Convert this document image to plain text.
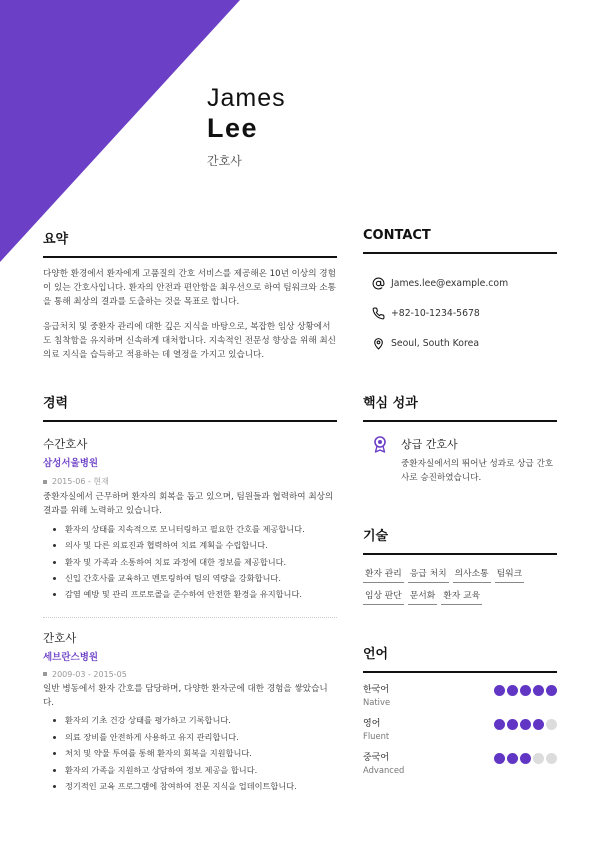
James
Lee
간호사
요약

다양한 환경에서 환자에게 고품질의 간호 서비스를 제공해온 10년 이상의 경험이 있는 간호사입니다. 환자의 안전과 편안함을 최우선으로 하여 팀워크와 소통을 통해 최상의 결과를 도출하는 것을 목표로 합니다.

응급처치 및 중환자 관리에 대한 깊은 지식을 바탕으로, 복잡한 임상 상황에서도 침착함을 유지하며 신속하게 대처합니다. 지속적인 전문성 향상을 위해 최신 의료 지식을 습득하고 적용하는 데 열정을 가지고 있습니다.

경력
수간호사
삼성서울병원
2015-06 - 현재
중환자실에서 근무하며 환자의 회복을 돕고 있으며, 팀원들과 협력하여 최상의 결과를 위해 노력하고 있습니다.
• 환자의 상태를 지속적으로 모니터링하고 필요한 간호를 제공합니다.
• 의사 및 다른 의료진과 협력하여 치료 계획을 수립합니다.
• 환자 및 가족과 소통하여 치료 과정에 대한 정보를 제공합니다.
• 신입 간호사를 교육하고 멘토링하여 팀의 역량을 강화합니다.
• 감염 예방 및 관리 프로토콜을 준수하여 안전한 환경을 유지합니다.
간호사
세브란스병원
2009-03 - 2015-05
일반 병동에서 환자 간호를 담당하며, 다양한 환자군에 대한 경험을 쌓았습니다.
• 환자의 기초 건강 상태를 평가하고 기록합니다.
• 의료 장비를 안전하게 사용하고 유지 관리합니다.
• 처치 및 약물 투여를 통해 환자의 회복을 지원합니다.
• 환자의 가족을 지원하고 상담하여 정보 제공을 합니다.
• 정기적인 교육 프로그램에 참여하여 전문 지식을 업데이트합니다.
CONTACT
James.lee@example.com
+82-10-1234-5678
Seoul, South Korea
핵심 성과
상급 간호사
중환자실에서의 뛰어난 성과로 상급 간호사로 승진하였습니다.
기술
환자 관리 응급 처치 의사소통 팀워크
임상 판단 문서화 환자 교육
언어
한국어
Native
영어
Fluent
중국어
Advanced
